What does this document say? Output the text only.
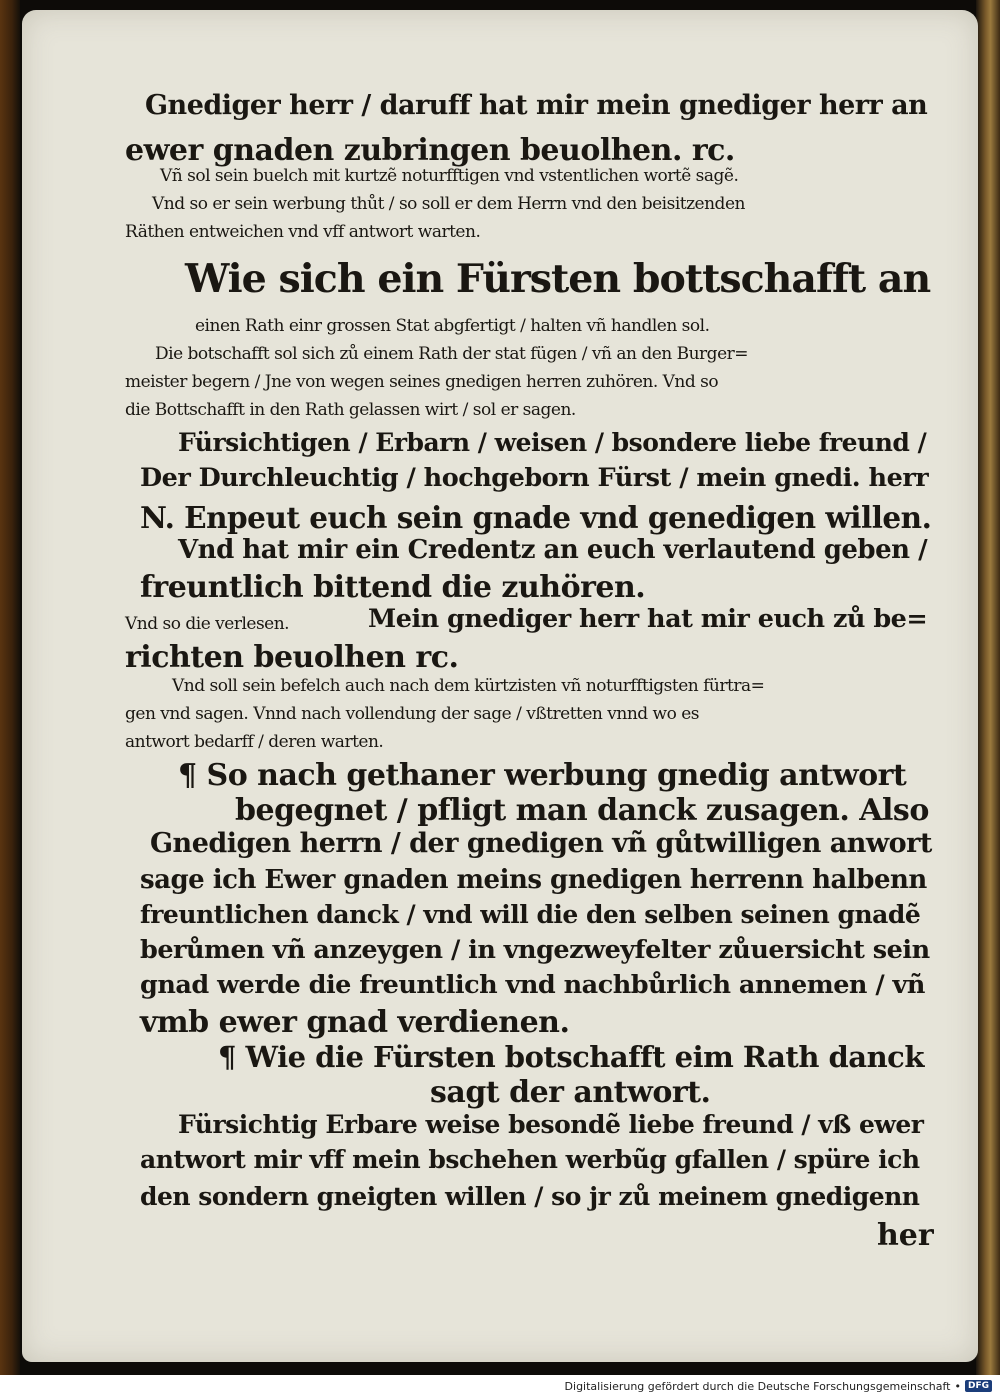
Gnediger herr / daruff hat mir mein gnediger herr an
ewer gnaden zubringen beuolhen. rc.
Vñ sol sein buelch mit kurtzẽ noturfftigen vnd vstentlichen wortẽ sagẽ.
Vnd so er sein werbung thůt / so soll er dem Herrn vnd den beisitzenden
Räthen entweichen vnd vff antwort warten.
Wie sich ein Fürsten bottschafft an
einen Rath einr grossen Stat abgfertigt / halten vñ handlen sol.
Die botschafft sol sich zů einem Rath der stat fügen / vñ an den Burger=
meister begern / Jne von wegen seines gnedigen herren zuhören. Vnd so
die Bottschafft in den Rath gelassen wirt / sol er sagen.
Fürsichtigen / Erbarn / weisen / bsondere liebe freund /
Der Durchleuchtig / hochgeborn Fürst / mein gnedi. herr
N. Enpeut euch sein gnade vnd genedigen willen.
Vnd hat mir ein Credentz an euch verlautend geben /
freuntlich bittend die zuhören.
Vnd so die verlesen.	Mein gnediger herr hat mir euch zů be=
richten beuolhen rc.
Vnd soll sein befelch auch nach dem kürtzisten vñ noturfftigsten fürtra=
gen vnd sagen. Vnnd nach vollendung der sage / vßtretten vnnd wo es
antwort bedarff / deren warten.
¶ So nach gethaner werbung gnedig antwort
begegnet / pfligt man danck zusagen. Also
Gnedigen herrn / der gnedigen vñ gůtwilligen anwort
sage ich Ewer gnaden meins gnedigen herrenn halbenn
freuntlichen danck / vnd will die den selben seinen gnadẽ
berůmen vñ anzeygen / in vngezweyfelter zůuersicht sein
gnad werde die freuntlich vnd nachbůrlich annemen / vñ
vmb ewer gnad verdienen.
¶ Wie die Fürsten botschafft eim Rath danck
sagt der antwort.
Fürsichtig Erbare weise besondẽ liebe freund / vß ewer
antwort mir vff mein bschehen werbũg gfallen / spüre ich
den sondern gneigten willen / so jr zů meinem gnedigenn
her
Digitalisierung gefördert durch die Deutsche Forschungsgemeinschaft • DFG
